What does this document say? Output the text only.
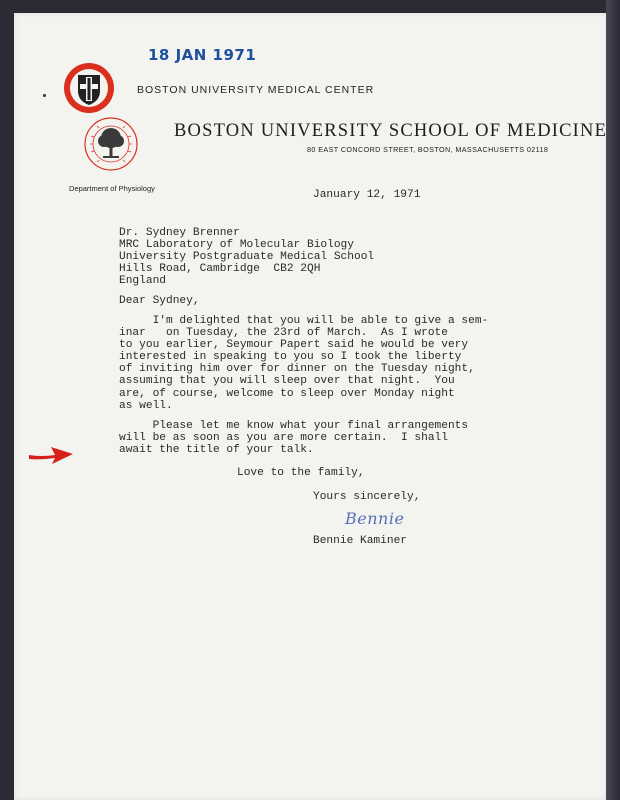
18 JAN 1971
BOSTON UNIVERSITY MEDICAL CENTER
BOSTON UNIVERSITY SCHOOL OF MEDICINE
80 EAST CONCORD STREET, BOSTON, MASSACHUSETTS 02118
Department of Physiology
January 12, 1971
Dr. Sydney Brenner
MRC Laboratory of Molecular Biology
University Postgraduate Medical School
Hills Road, Cambridge  CB2 2QH
England
Dear Sydney,
I'm delighted that you will be able to give a sem-
inar   on Tuesday, the 23rd of March.  As I wrote
to you earlier, Seymour Papert said he would be very
interested in speaking to you so I took the liberty
of inviting him over for dinner on the Tuesday night,
assuming that you will sleep over that night.  You
are, of course, welcome to sleep over Monday night
as well.
Please let me know what your final arrangements
will be as soon as you are more certain.  I shall
await the title of your talk.
Love to the family,
Yours sincerely,
Bennie
Bennie Kaminer
